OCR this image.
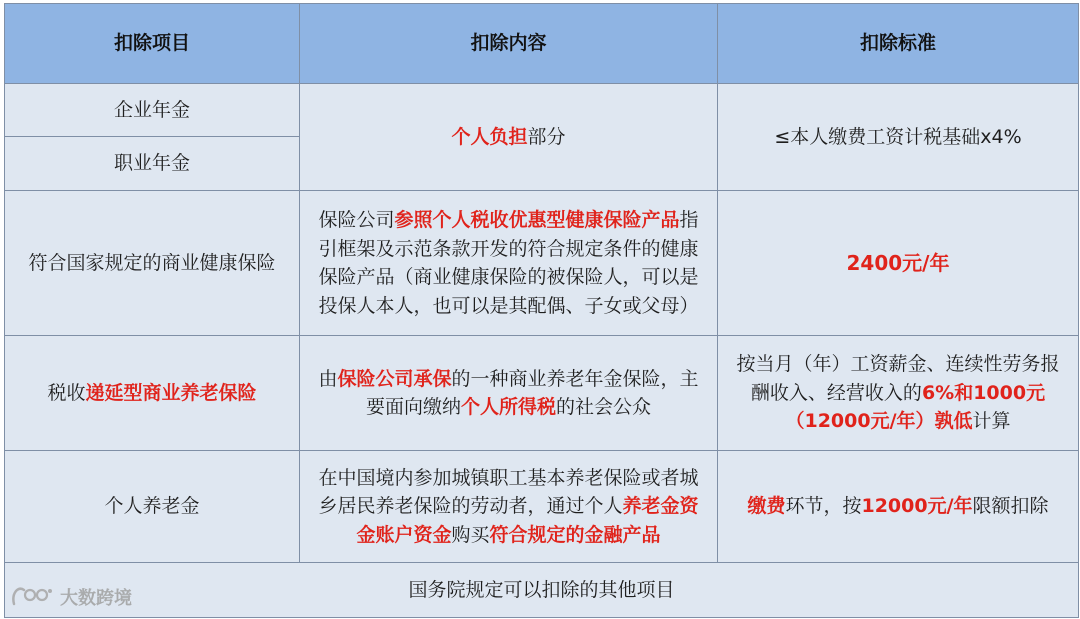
扣除项目	扣除内容	扣除标准
企业年金	个人负担部分	≤本人缴费工资计税基础x4%
职业年金		
符合国家规定的商业健康保险	保险公司参照个人税收优惠型健康保险产品指引框架及示范条款开发的符合规定条件的健康保险产品（商业健康保险的被保险人，可以是投保人本人，也可以是其配偶、子女或父母）	2400元/年
税收递延型商业养老保险	由保险公司承保的一种商业养老年金保险，主要面向缴纳个人所得税的社会公众	按当月（年）工资薪金、连续性劳务报酬收入、经营收入的6%和1000元（12000元/年）孰低计算
个人养老金	在中国境内参加城镇职工基本养老保险或者城乡居民养老保险的劳动者，通过个人养老金资金账户资金购买符合规定的金融产品	缴费环节，按12000元/年限额扣除
国务院规定可以扣除的其他项目		
大数跨境
